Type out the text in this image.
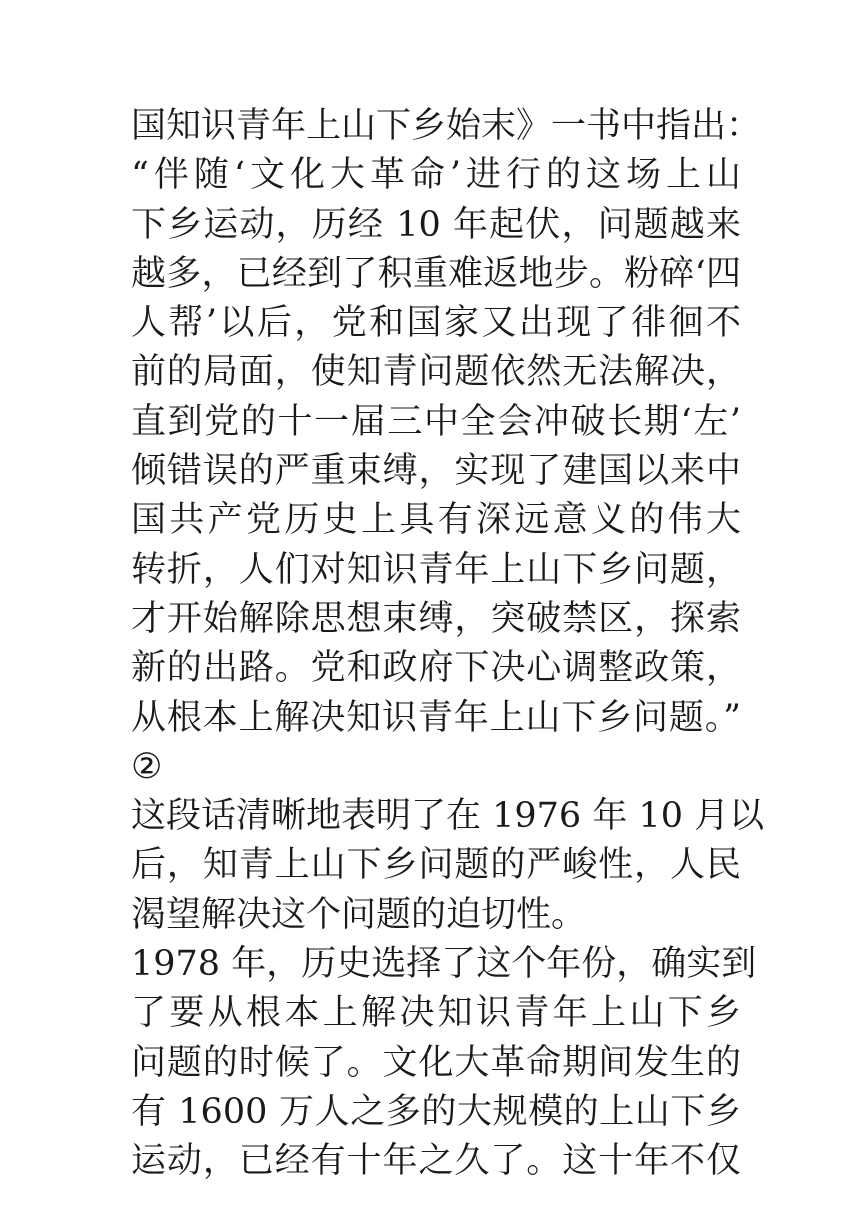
国知识青年上山下乡始末》一书中指出：
“伴随‘文化大革命’进行的这场上山
下乡运动，历经 10 年起伏，问题越来
越多，已经到了积重难返地步。粉碎‘四
人帮’以后，党和国家又出现了徘徊不
前的局面，使知青问题依然无法解决，
直到党的十一届三中全会冲破长期‘左’
倾错误的严重束缚，实现了建国以来中
国共产党历史上具有深远意义的伟大
转折，人们对知识青年上山下乡问题，
才开始解除思想束缚，突破禁区，探索
新的出路。党和政府下决心调整政策，
从根本上解决知识青年上山下乡问题。”
②
这段话清晰地表明了在 1976 年 10 月以
后，知青上山下乡问题的严峻性，人民
渴望解决这个问题的迫切性。
1978 年，历史选择了这个年份，确实到
了要从根本上解决知识青年上山下乡
问题的时候了。文化大革命期间发生的
有 1600 万人之多的大规模的上山下乡
运动，已经有十年之久了。这十年不仅
